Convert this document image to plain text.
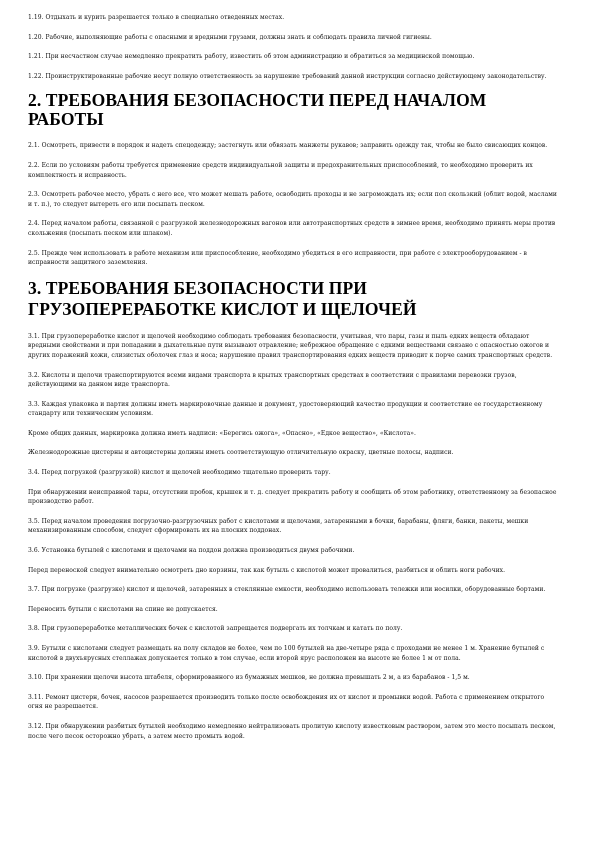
1.19. Отдыхать и курить разрешается только в специально отведенных местах.

1.20. Рабочие, выполняющие работы с опасными и вредными грузами, должны знать и соблюдать правила личной гигиены.

1.21. При несчастном случае немедленно прекратить работу, известить об этом администрацию и обратиться за медицинской помощью.

1.22. Проинструктированные рабочие несут полную ответственность за нарушение требований данной инструкции согласно действующему законодательству.

2. ТРЕБОВАНИЯ БЕЗОПАСНОСТИ ПЕРЕД НАЧАЛОМ РАБОТЫ

2.1. Осмотреть, привести в порядок и надеть спецодежду; застегнуть или обвязать манжеты рукавов; заправить одежду так, чтобы не было свисающих концов.

2.2. Если по условиям работы требуется применение средств индивидуальной защиты и предохранительных приспособлений, то необходимо проверить их комплектность и исправность.

2.3. Осмотреть рабочее место, убрать с него все, что может мешать работе, освободить проходы и не загромождать их; если пол скользкий (облит водой, маслами и т. п.), то следует вытереть его или посыпать песком.

2.4. Перед началом работы, связанной с разгрузкой железнодорожных вагонов или автотранспортных средств в зимнее время, необходимо принять меры против скольжения (посыпать песком или шлаком).

2.5. Прежде чем использовать в работе механизм или приспособление, необходимо убедиться в его исправности, при работе с электрооборудованием - в исправности защитного заземления.

3. ТРЕБОВАНИЯ БЕЗОПАСНОСТИ ПРИ ГРУЗОПЕРЕРАБОТКЕ КИСЛОТ И ЩЕЛОЧЕЙ

3.1. При грузопереработке кислот и щелочей необходимо соблюдать требования безопасности, учитывая, что пары, газы и пыль едких веществ обладают вредными свойствами и при попадании в дыхательные пути вызывают отравление; небрежное обращение с едкими веществами связано с опасностью ожогов и других поражений кожи, слизистых оболочек глаз и носа; нарушение правил транспортирования едких веществ приводит к порче самих транспортных средств.

3.2. Кислоты и щелочи транспортируются всеми видами транспорта в крытых транспортных средствах в соответствии с правилами перевозки грузов, действующими на данном виде транспорта.

3.3. Каждая упаковка и партия должны иметь маркировочные данные и документ, удостоверяющий качество продукции и соответствие ее государственному стандарту или техническим условиям.

Кроме общих данных, маркировка должна иметь надписи: «Берегись ожога», «Опасно», «Едкое вещество», «Кислота».

Железнодорожные цистерны и автоцистерны должны иметь соответствующую отличительную окраску, цветные полосы, надписи.

3.4. Перед погрузкой (разгрузкой) кислот и щелочей необходимо тщательно проверить тару.

При обнаружении неисправной тары, отсутствии пробок, крышек и т. д. следует прекратить работу и сообщить об этом работнику, ответственному за безопасное производство работ.

3.5. Перед началом проведения погрузочно-разгрузочных работ с кислотами и щелочами, затаренными в бочки, барабаны, фляги, банки, пакеты, мешки механизированным способом, следует сформировать их на плоских поддонах.

3.6. Установка бутылей с кислотами и щелочами на поддон должна производиться двумя рабочими.

Перед переноской следует внимательно осмотреть дно корзины, так как бутыль с кислотой может провалиться, разбиться и облить ноги рабочих.

3.7. При погрузке (разгрузке) кислот и щелочей, затаренных в стеклянные емкости, необходимо использовать тележки или носилки, оборудованные бортами.

Переносить бутыли с кислотами на спине не допускается.

3.8. При грузопереработке металлических бочек с кислотой запрещается подвергать их толчкам и катать по полу.

3.9. Бутыли с кислотами следует размещать на полу складов не более, чем по 100 бутылей на две-четыре ряда с проходами не менее 1 м. Хранение бутылей с кислотой в двухъярусных стеллажах допускается только в том случае, если второй ярус расположен на высоте не более 1 м от пола.

3.10. При хранении щелочи высота штабеля, сформированного из бумажных мешков, не должна превышать 2 м, а из барабанов - 1,5 м.

3.11. Ремонт цистерн, бочек, насосов разрешается производить только после освобождения их от кислот и промывки водой. Работа с применением открытого огня не разрешается.

3.12. При обнаружении разбитых бутылей необходимо немедленно нейтрализовать пролитую кислоту известковым раствором, затем это место посыпать песком, после чего песок осторожно убрать, а затем место промыть водой.
